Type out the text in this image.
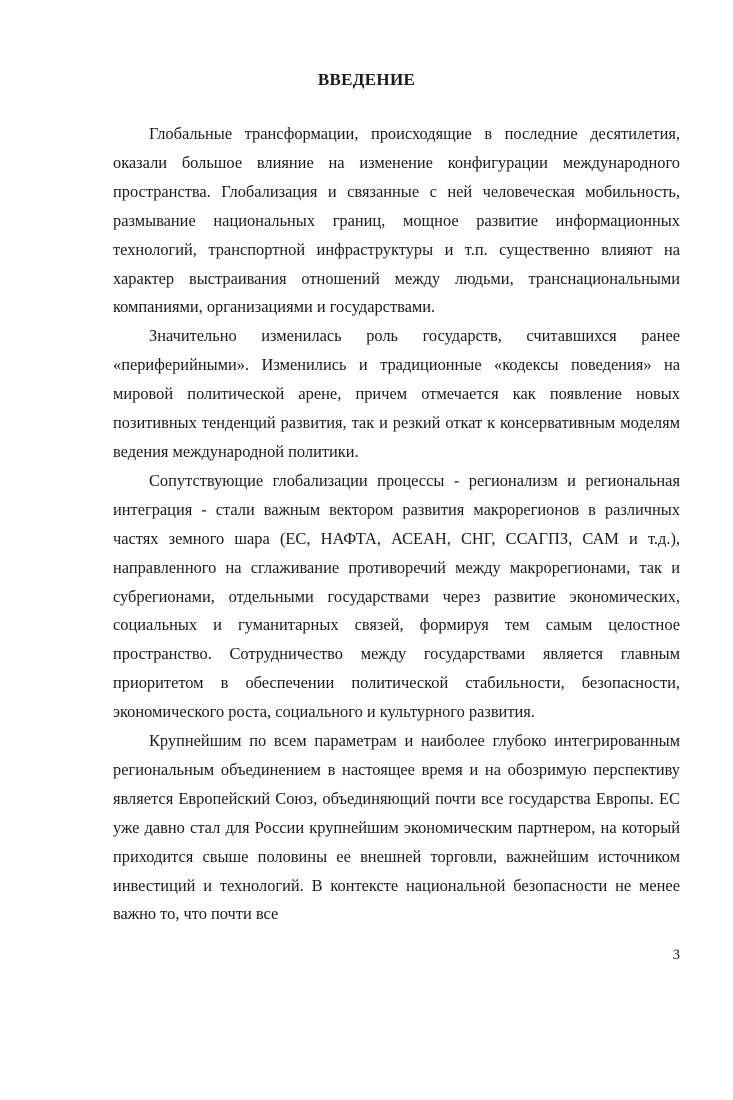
ВВЕДЕНИЕ

Глобальные трансформации, происходящие в последние десятилетия, оказали большое влияние на изменение конфигурации международного пространства. Глобализация и связанные с ней человеческая мобильность, размывание национальных границ, мощное развитие информационных технологий, транспортной инфраструктуры и т.п. существенно влияют на характер выстраивания отношений между людьми, транснациональными компаниями, организациями и государствами.

Значительно изменилась роль государств, считавшихся ранее «периферийными». Изменились и традиционные «кодексы поведения» на мировой политической арене, причем отмечается как появление новых позитивных тенденций развития, так и резкий откат к консервативным моделям ведения международной политики.

Сопутствующие глобализации процессы - регионализм и региональная интеграция - стали важным вектором развития макрорегионов в различных частях земного шара (ЕС, НАФТА, АСЕАН, СНГ, ССАГПЗ, САМ и т.д.), направленного на сглаживание противоречий между макрорегионами, так и субрегионами, отдельными государствами через развитие экономических, социальных и гуманитарных связей, формируя тем самым целостное пространство. Сотрудничество между государствами является главным приоритетом в обеспечении политической стабильности, безопасности, экономического роста, социального и культурного развития.

Крупнейшим по всем параметрам и наиболее глубоко интегрированным региональным объединением в настоящее время и на обозримую перспективу является Европейский Союз, объединяющий почти все государства Европы. ЕС уже давно стал для России крупнейшим экономическим партнером, на который приходится свыше половины ее внешней торговли, важнейшим источником инвестиций и технологий. В контексте национальной безопасности не менее важно то, что почти все

3
